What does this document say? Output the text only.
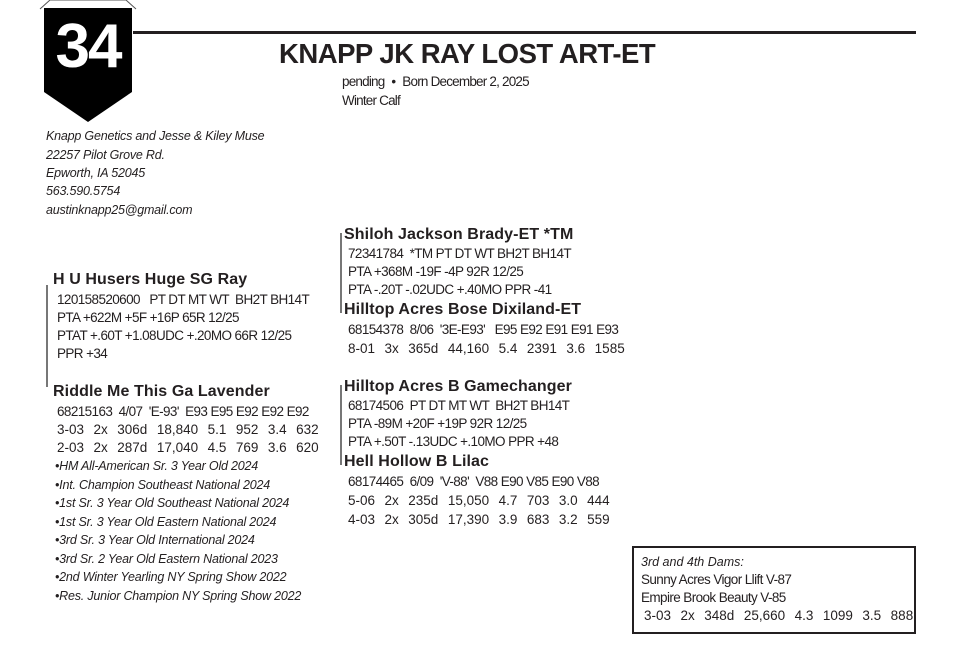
34	KNAPP JK RAY LOST ART-ET
pending • Born December 2, 2025
Winter Calf
Knapp Genetics and Jesse & Kiley Muse
22257 Pilot Grove Rd.
Epworth, IA 52045
563.590.5754
austinknapp25@gmail.com
H U Husers Huge SG Ray
120158520600   PT DT MT WT  BH2T BH14T
PTA +622M +5F +16P 65R 12/25
PTAT +.60T +1.08UDC +.20MO 66R 12/25
PPR +34
Riddle Me This Ga Lavender
68215163  4/07  'E-93'  E93 E95 E92 E92 E92
3-03  2x  306d  18,840  5.1  952  3.4  632
2-03  2x  287d  17,040  4.5  769  3.6  620
•HM All-American Sr. 3 Year Old 2024
•Int. Champion Southeast National 2024
•1st Sr. 3 Year Old Southeast National 2024
•1st Sr. 3 Year Old Eastern National 2024
•3rd Sr. 3 Year Old International 2024
•3rd Sr. 2 Year Old Eastern National 2023
•2nd Winter Yearling NY Spring Show 2022
•Res. Junior Champion NY Spring Show 2022
Shiloh Jackson Brady-ET *TM
72341784  *TM PT DT WT BH2T BH14T
PTA +368M -19F -4P 92R 12/25
PTA -.20T -.02UDC +.40MO PPR -41
Hilltop Acres Bose Dixiland-ET
68154378  8/06  '3E-E93'   E95 E92 E91 E91 E93
8-01  3x  365d  44,160  5.4  2391  3.6  1585
Hilltop Acres B Gamechanger
68174506  PT DT MT WT  BH2T BH14T
PTA -89M +20F +19P 92R 12/25
PTA +.50T -.13UDC +.10MO PPR +48
Hell Hollow B Lilac
68174465  6/09  'V-88'  V88 E90 V85 E90 V88
5-06  2x  235d  15,050  4.7  703  3.0  444
4-03  2x  305d  17,390  3.9  683  3.2  559
3rd and 4th Dams:
Sunny Acres Vigor Llift V-87
Empire Brook Beauty V-85
3-03  2x  348d  25,660  4.3  1099  3.5  888
